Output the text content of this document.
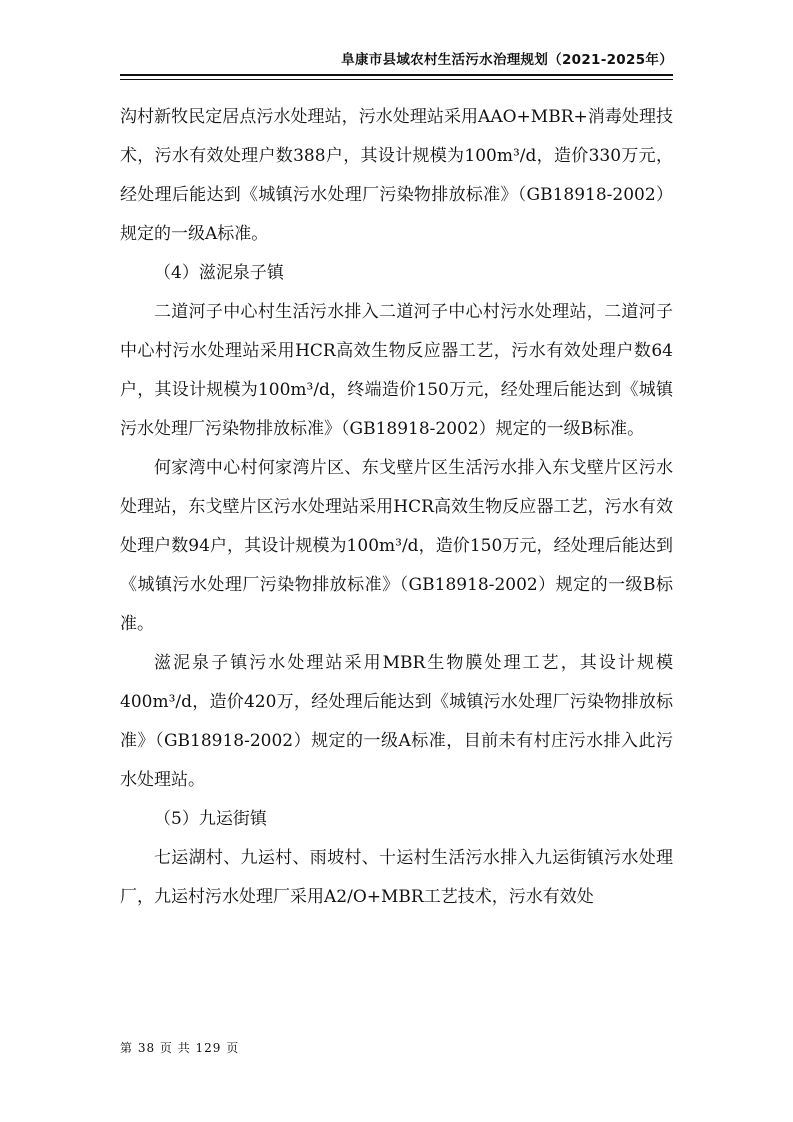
阜康市县域农村生活污水治理规划（2021-2025年）

沟村新牧民定居点污水处理站，污水处理站采用AAO+MBR+消毒处理技术，污水有效处理户数388户，其设计规模为100m³/d，造价330万元，经处理后能达到《城镇污水处理厂污染物排放标准》（GB18918-2002）规定的一级A标准。

（4）滋泥泉子镇

二道河子中心村生活污水排入二道河子中心村污水处理站，二道河子中心村污水处理站采用HCR高效生物反应器工艺，污水有效处理户数64户，其设计规模为100m³/d，终端造价150万元，经处理后能达到《城镇污水处理厂污染物排放标准》（GB18918-2002）规定的一级B标准。

何家湾中心村何家湾片区、东戈壁片区生活污水排入东戈壁片区污水处理站，东戈壁片区污水处理站采用HCR高效生物反应器工艺，污水有效处理户数94户，其设计规模为100m³/d，造价150万元，经处理后能达到《城镇污水处理厂污染物排放标准》（GB18918-2002）规定的一级B标准。

滋泥泉子镇污水处理站采用MBR生物膜处理工艺，其设计规模400m³/d，造价420万，经处理后能达到《城镇污水处理厂污染物排放标准》（GB18918-2002）规定的一级A标准，目前未有村庄污水排入此污水处理站。

（5）九运街镇

七运湖村、九运村、雨坡村、十运村生活污水排入九运街镇污水处理厂，九运村污水处理厂采用A2/O+MBR工艺技术，污水有效处

第 38 页 共 129 页
